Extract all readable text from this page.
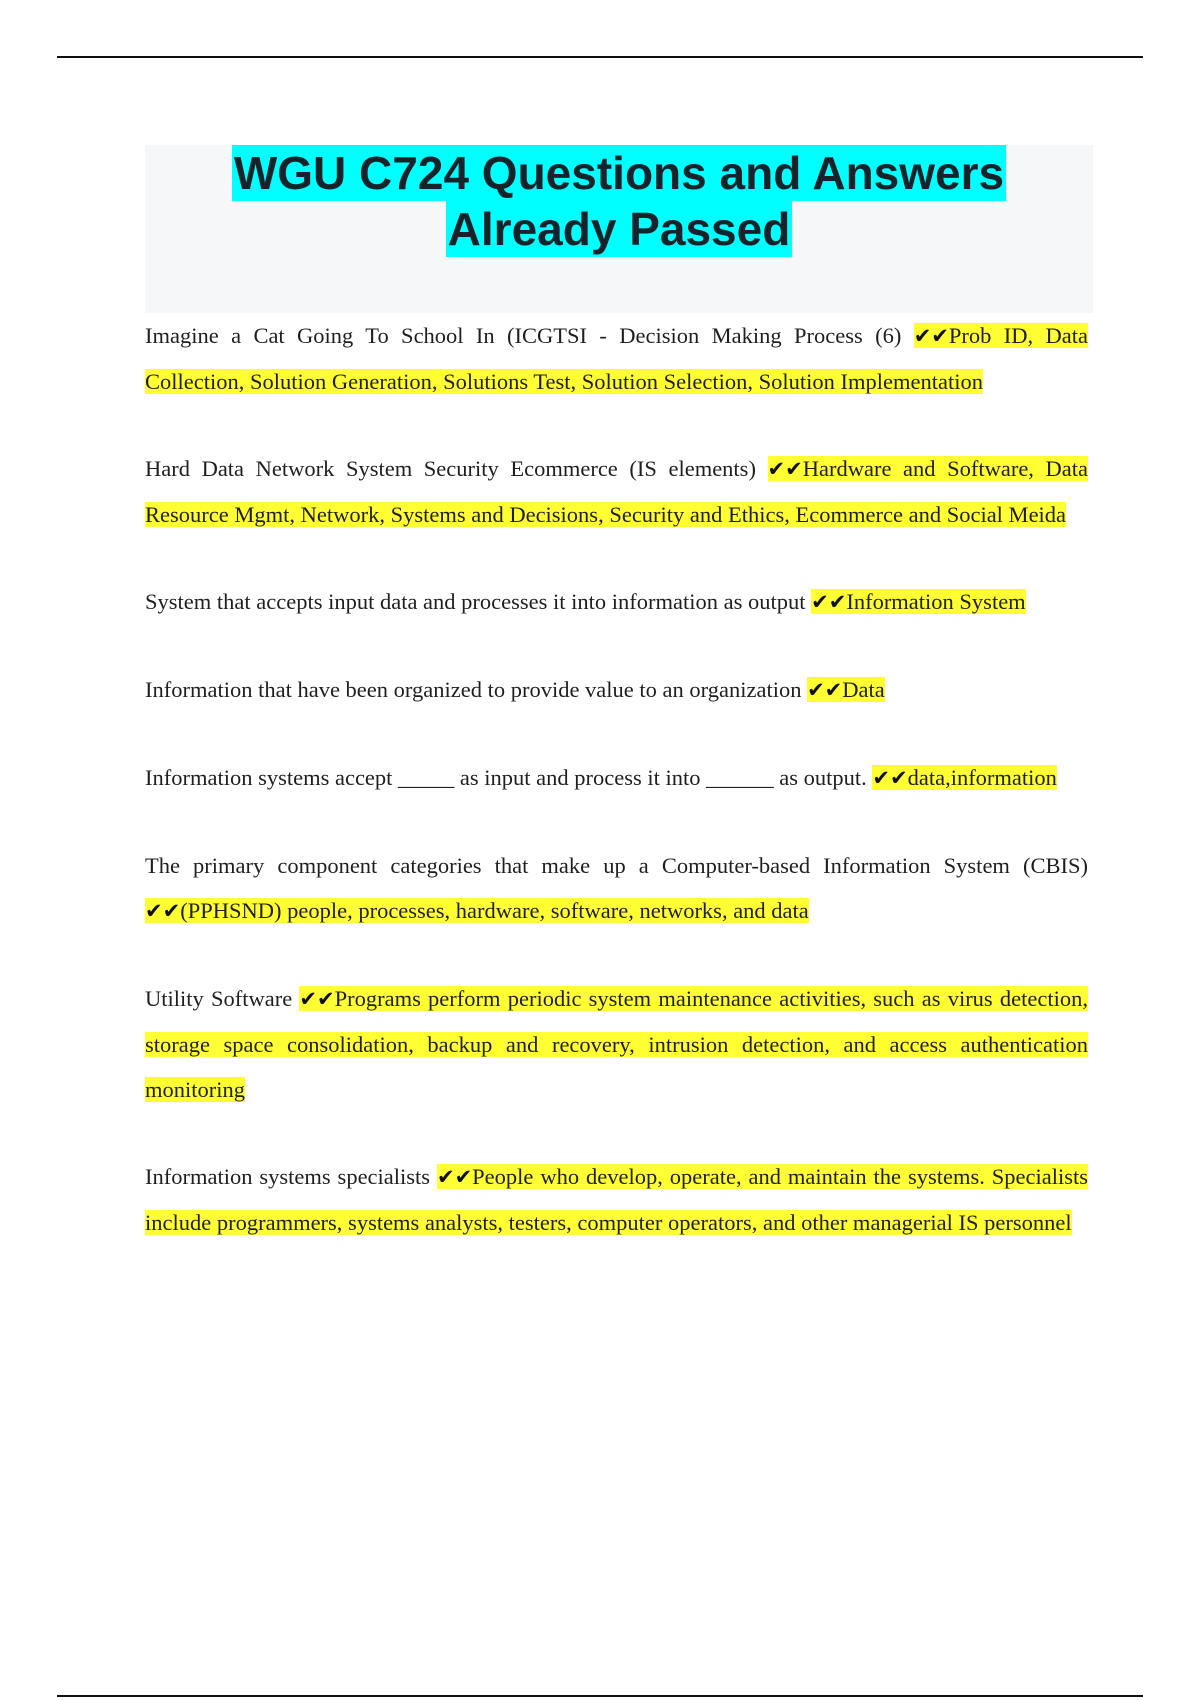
WGU C724 Questions and Answers
Already Passed

Imagine a Cat Going To School In (ICGTSI - Decision Making Process (6) ✔✔Prob ID, Data Collection, Solution Generation, Solutions Test, Solution Selection, Solution Implementation

Hard Data Network System Security Ecommerce (IS elements) ✔✔Hardware and Software, Data Resource Mgmt, Network, Systems and Decisions, Security and Ethics, Ecommerce and Social Meida

System that accepts input data and processes it into information as output ✔✔Information System

Information that have been organized to provide value to an organization ✔✔Data

Information systems accept _____ as input and process it into ______ as output. ✔✔data,information

The primary component categories that make up a Computer-based Information System (CBIS) ✔✔(PPHSND) people, processes, hardware, software, networks, and data

Utility Software ✔✔Programs perform periodic system maintenance activities, such as virus detection, storage space consolidation, backup and recovery, intrusion detection, and access authentication monitoring

Information systems specialists ✔✔People who develop, operate, and maintain the systems. Specialists include programmers, systems analysts, testers, computer operators, and other managerial IS personnel
